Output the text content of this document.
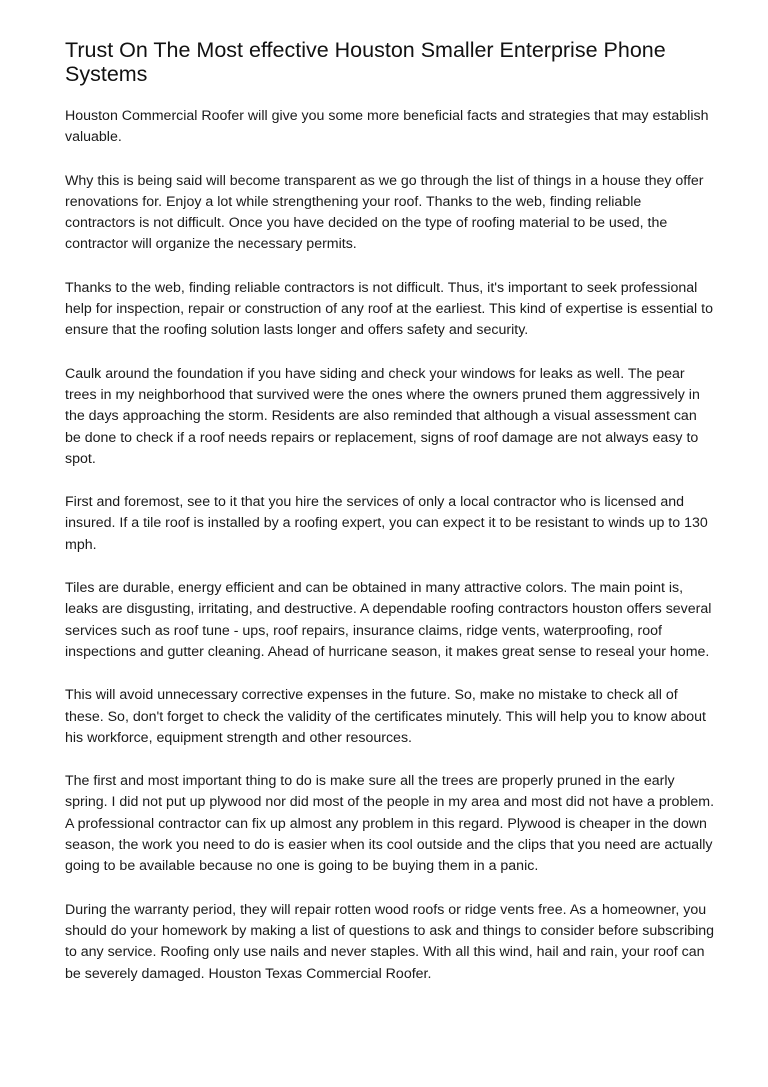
Trust On The Most effective Houston Smaller Enterprise Phone Systems

Houston Commercial Roofer will give you some more beneficial facts and strategies that may establish valuable.

Why this is being said will become transparent as we go through the list of things in a house they offer renovations for. Enjoy a lot while strengthening your roof. Thanks to the web, finding reliable contractors is not difficult. Once you have decided on the type of roofing material to be used, the contractor will organize the necessary permits.

Thanks to the web, finding reliable contractors is not difficult. Thus, it's important to seek professional help for inspection, repair or construction of any roof at the earliest. This kind of expertise is essential to ensure that the roofing solution lasts longer and offers safety and security.

Caulk around the foundation if you have siding and check your windows for leaks as well. The pear trees in my neighborhood that survived were the ones where the owners pruned them aggressively in the days approaching the storm. Residents are also reminded that although a visual assessment can be done to check if a roof needs repairs or replacement, signs of roof damage are not always easy to spot.

First and foremost, see to it that you hire the services of only a local contractor who is licensed and insured. If a tile roof is installed by a roofing expert, you can expect it to be resistant to winds up to 130 mph.

Tiles are durable, energy efficient and can be obtained in many attractive colors. The main point is, leaks are disgusting, irritating, and destructive. A dependable roofing contractors houston offers several services such as roof tune - ups, roof repairs, insurance claims, ridge vents, waterproofing, roof inspections and gutter cleaning. Ahead of hurricane season, it makes great sense to reseal your home.

This will avoid unnecessary corrective expenses in the future. So, make no mistake to check all of these. So, don't forget to check the validity of the certificates minutely. This will help you to know about his workforce, equipment strength and other resources.

The first and most important thing to do is make sure all the trees are properly pruned in the early spring. I did not put up plywood nor did most of the people in my area and most did not have a problem. A professional contractor can fix up almost any problem in this regard. Plywood is cheaper in the down season, the work you need to do is easier when its cool outside and the clips that you need are actually going to be available because no one is going to be buying them in a panic.

During the warranty period, they will repair rotten wood roofs or ridge vents free. As a homeowner, you should do your homework by making a list of questions to ask and things to consider before subscribing to any service. Roofing only use nails and never staples. With all this wind, hail and rain, your roof can be severely damaged. Houston Texas Commercial Roofer.
